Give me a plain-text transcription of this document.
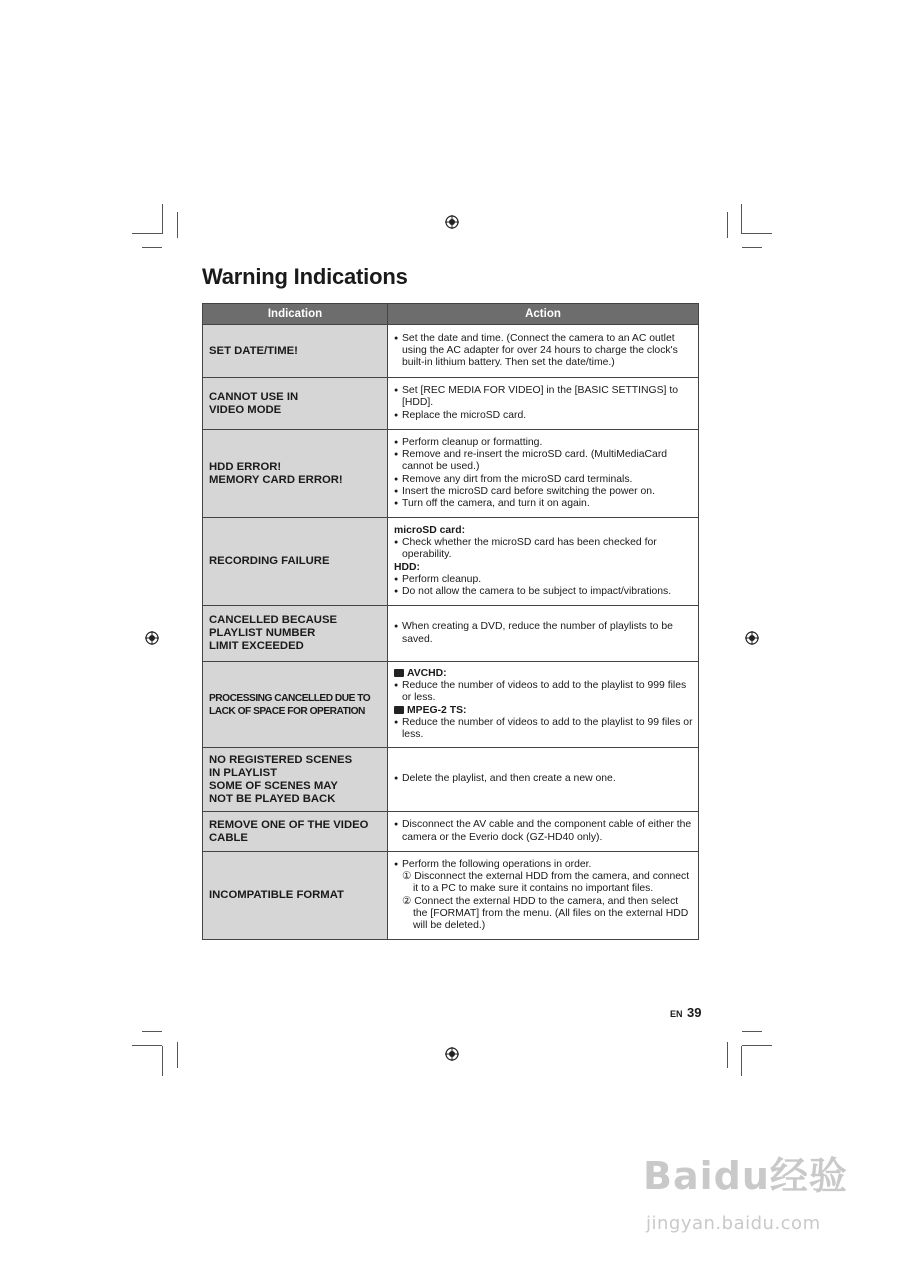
Warning Indications
Indication	Action
SET DATE/TIME!	● Set the date and time. (Connect the camera to an AC outlet using the AC adapter for over 24 hours to charge the clock's built-in lithium battery. Then set the date/time.)

CANNOT USE IN
VIDEO MODE	● Set [REC MEDIA FOR VIDEO] in the [BASIC SETTINGS] to [HDD].
● Replace the microSD card.

HDD ERROR!
MEMORY CARD ERROR!	● Perform cleanup or formatting.
● Remove and re-insert the microSD card. (MultiMediaCard cannot be used.)
● Remove any dirt from the microSD card terminals.
● Insert the microSD card before switching the power on.
● Turn off the camera, and turn it on again.

RECORDING FAILURE	microSD card:
● Check whether the microSD card has been checked for operability.
HDD:
● Perform cleanup.
● Do not allow the camera to be subject to impact/vibrations.

CANCELLED BECAUSE
PLAYLIST NUMBER
LIMIT EXCEEDED	● When creating a DVD, reduce the number of playlists to be saved.

PROCESSING CANCELLED DUE TO
LACK OF SPACE FOR OPERATION	AVCHD:
● Reduce the number of videos to add to the playlist to 999 files or less.
MPEG-2 TS:
● Reduce the number of videos to add to the playlist to 99 files or less.

NO REGISTERED SCENES
IN PLAYLIST
SOME OF SCENES MAY
NOT BE PLAYED BACK	● Delete the playlist, and then create a new one.

REMOVE ONE OF THE VIDEO
CABLE	● Disconnect the AV cable and the component cable of either the camera or the Everio dock (GZ-HD40 only).

INCOMPATIBLE FORMAT	● Perform the following operations in order.
① Disconnect the external HDD from the camera, and connect it to a PC to make sure it contains no important files.
② Connect the external HDD to the camera, and then select the [FORMAT] from the menu. (All files on the external HDD will be deleted.)
EN 39
Baidu经验
jingyan.baidu.com
